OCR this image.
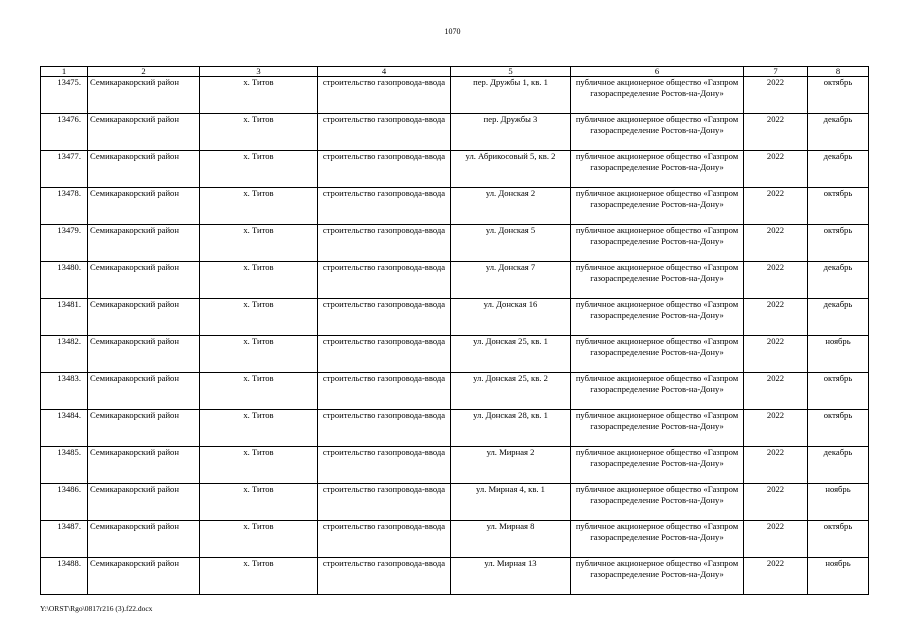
1070
1	2	3	4	5	6	7	8
13475.	Семикаракорский район	х. Титов	строительство газопровода-ввода	пер. Дружбы 1, кв. 1	публичное акционерное общество «Газпром газораспределение Ростов-на-Дону»	2022	октябрь
13476.	Семикаракорский район	х. Титов	строительство газопровода-ввода	пер. Дружбы 3	публичное акционерное общество «Газпром газораспределение Ростов-на-Дону»	2022	декабрь
13477.	Семикаракорский район	х. Титов	строительство газопровода-ввода	ул. Абрикосовый 5, кв. 2	публичное акционерное общество «Газпром газораспределение Ростов-на-Дону»	2022	декабрь
13478.	Семикаракорский район	х. Титов	строительство газопровода-ввода	ул. Донская 2	публичное акционерное общество «Газпром газораспределение Ростов-на-Дону»	2022	октябрь
13479.	Семикаракорский район	х. Титов	строительство газопровода-ввода	ул. Донская 5	публичное акционерное общество «Газпром газораспределение Ростов-на-Дону»	2022	октябрь
13480.	Семикаракорский район	х. Титов	строительство газопровода-ввода	ул. Донская 7	публичное акционерное общество «Газпром газораспределение Ростов-на-Дону»	2022	декабрь
13481.	Семикаракорский район	х. Титов	строительство газопровода-ввода	ул. Донская 16	публичное акционерное общество «Газпром газораспределение Ростов-на-Дону»	2022	декабрь
13482.	Семикаракорский район	х. Титов	строительство газопровода-ввода	ул. Донская 25, кв. 1	публичное акционерное общество «Газпром газораспределение Ростов-на-Дону»	2022	ноябрь
13483.	Семикаракорский район	х. Титов	строительство газопровода-ввода	ул. Донская 25, кв. 2	публичное акционерное общество «Газпром газораспределение Ростов-на-Дону»	2022	октябрь
13484.	Семикаракорский район	х. Титов	строительство газопровода-ввода	ул. Донская 28, кв. 1	публичное акционерное общество «Газпром газораспределение Ростов-на-Дону»	2022	октябрь
13485.	Семикаракорский район	х. Титов	строительство газопровода-ввода	ул. Мирная 2	публичное акционерное общество «Газпром газораспределение Ростов-на-Дону»	2022	декабрь
13486.	Семикаракорский район	х. Титов	строительство газопровода-ввода	ул. Мирная 4, кв. 1	публичное акционерное общество «Газпром газораспределение Ростов-на-Дону»	2022	ноябрь
13487.	Семикаракорский район	х. Титов	строительство газопровода-ввода	ул. Мирная 8	публичное акционерное общество «Газпром газораспределение Ростов-на-Дону»	2022	октябрь
13488.	Семикаракорский район	х. Титов	строительство газопровода-ввода	ул. Мирная 13	публичное акционерное общество «Газпром газораспределение Ростов-на-Дону»	2022	ноябрь
Y:\ORST\Rgo\0817r216 (3).f22.docx
